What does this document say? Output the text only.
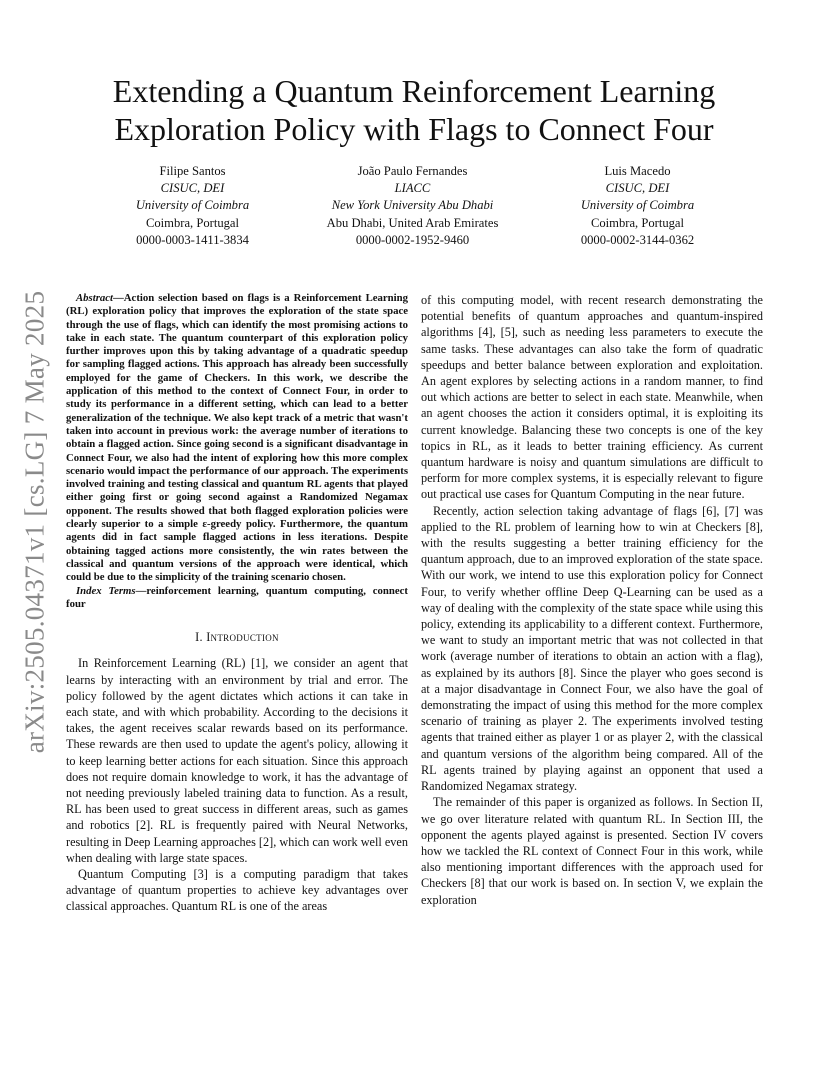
arXiv:2505.04371v1 [cs.LG] 7 May 2025
Extending a Quantum Reinforcement Learning
Exploration Policy with Flags to Connect Four
Filipe Santos
CISUC, DEI
University of Coimbra
Coimbra, Portugal
0000-0003-1411-3834
João Paulo Fernandes
LIACC
New York University Abu Dhabi
Abu Dhabi, United Arab Emirates
0000-0002-1952-9460
Luis Macedo
CISUC, DEI
University of Coimbra
Coimbra, Portugal
0000-0002-3144-0362

Abstract—Action selection based on flags is a Reinforcement Learning (RL) exploration policy that improves the exploration of the state space through the use of flags, which can identify the most promising actions to take in each state. The quantum counterpart of this exploration policy further improves upon this by taking advantage of a quadratic speedup for sampling flagged actions. This approach has already been successfully employed for the game of Checkers. In this work, we describe the application of this method to the context of Connect Four, in order to study its performance in a different setting, which can lead to a better generalization of the technique. We also kept track of a metric that wasn't taken into account in previous work: the average number of iterations to obtain a flagged action. Since going second is a significant disadvantage in Connect Four, we also had the intent of exploring how this more complex scenario would impact the performance of our approach. The experiments involved training and testing classical and quantum RL agents that played either going first or going second against a Randomized Negamax opponent. The results showed that both flagged exploration policies were clearly superior to a simple ε-greedy policy. Furthermore, the quantum agents did in fact sample flagged actions in less iterations. Despite obtaining tagged actions more consistently, the win rates between the classical and quantum versions of the approach were identical, which could be due to the simplicity of the training scenario chosen.

Index Terms—reinforcement learning, quantum computing, connect four

I. Introduction

In Reinforcement Learning (RL) [1], we consider an agent that learns by interacting with an environment by trial and error. The policy followed by the agent dictates which actions it can take in each state, and with which probability. According to the decisions it takes, the agent receives scalar rewards based on its performance. These rewards are then used to update the agent's policy, allowing it to keep learning better actions for each situation. Since this approach does not require domain knowledge to work, it has the advantage of not needing previously labeled training data to function. As a result, RL has been used to great success in different areas, such as games and robotics [2]. RL is frequently paired with Neural Networks, resulting in Deep Learning approaches [2], which can work well even when dealing with large state spaces.

Quantum Computing [3] is a computing paradigm that takes advantage of quantum properties to achieve key advantages over classical approaches. Quantum RL is one of the areas

of this computing model, with recent research demonstrating the potential benefits of quantum approaches and quantum-inspired algorithms [4], [5], such as needing less parameters to execute the same tasks. These advantages can also take the form of quadratic speedups and better balance between exploration and exploitation. An agent explores by selecting actions in a random manner, to find out which actions are better to select in each state. Meanwhile, when an agent chooses the action it considers optimal, it is exploiting its current knowledge. Balancing these two concepts is one of the key topics in RL, as it leads to better training efficiency. As current quantum hardware is noisy and quantum simulations are difficult to perform for more complex systems, it is especially relevant to figure out practical use cases for Quantum Computing in the near future.

Recently, action selection taking advantage of flags [6], [7] was applied to the RL problem of learning how to win at Checkers [8], with the results suggesting a better training efficiency for the quantum approach, due to an improved exploration of the state space. With our work, we intend to use this exploration policy for Connect Four, to verify whether offline Deep Q-Learning can be used as a way of dealing with the complexity of the state space while using this policy, extending its applicability to a different context. Furthermore, we want to study an important metric that was not collected in that work (average number of iterations to obtain an action with a flag), as explained by its authors [8]. Since the player who goes second is at a major disadvantage in Connect Four, we also have the goal of demonstrating the impact of using this method for the more complex scenario of training as player 2. The experiments involved testing agents that trained either as player 1 or as player 2, with the classical and quantum versions of the algorithm being compared. All of the RL agents trained by playing against an opponent that used a Randomized Negamax strategy.

The remainder of this paper is organized as follows. In Section II, we go over literature related with quantum RL. In Section III, the opponent the agents played against is presented. Section IV covers how we tackled the RL context of Connect Four in this work, while also mentioning important differences with the approach used for Checkers [8] that our work is based on. In section V, we explain the exploration
